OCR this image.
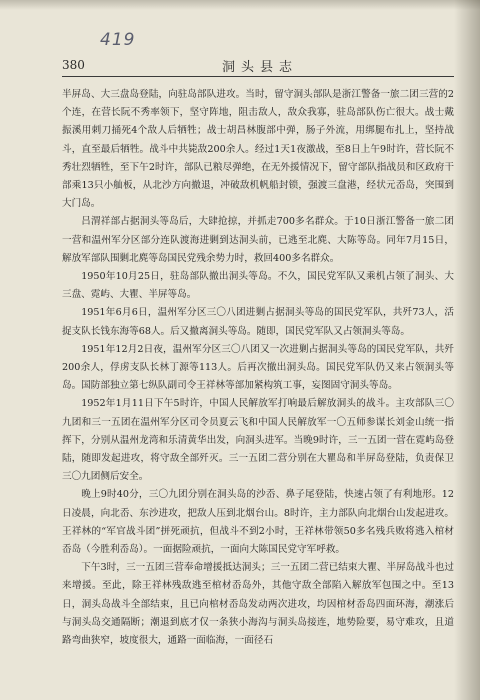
419
380	洞头县志

半屏岛、大三盘岛登陆，向驻岛部队进攻。当时，留守洞头部队是浙江警备一旅二团三营的2个连，在营长阮不秀率领下，坚守阵地，阻击敌人，敌众我寡，驻岛部队伤亡很大。战士戴振溪用刺刀捅死4个敌人后牺牲；战士胡昌林腹部中弹，肠子外流，用绑腿布扎上，坚持战斗，直至最后牺牲。战斗中共毙敌200余人。经过1天1夜激战，至8日上午9时许，营长阮不秀壮烈牺牲，至下午2时许，部队已粮尽弹绝，在无外援情况下，留守部队指战员和区政府干部乘13只小舢板，从北沙方向撤退，冲破敌机帆船封锁，强渡三盘港，经状元岙岛，突围到大门岛。

吕渭祥部占据洞头等岛后，大肆抢掠，并抓走700多名群众。于10日浙江警备一旅二团一营和温州军分区部分连队渡海进剿到达洞头前，已逃至北麂、大陈等岛。同年7月15日，解放军部队围剿北麂等岛国民党残余势力时，救回400多名群众。

1950年10月25日，驻岛部队撤出洞头等岛。不久，国民党军队又乘机占领了洞头、大三盘、霓屿、大瞿、半屏等岛。

1951年6月6日，温州军分区三〇八团进剿占据洞头等岛的国民党军队，共歼73人，活捉支队长钱东海等68人。后又撤离洞头等岛。随即，国民党军队又占领洞头等岛。

1951年12月2日夜，温州军分区三〇八团又一次进剿占据洞头等岛的国民党军队，共歼200余人，俘虏支队长林丁源等113人。后再次撤出洞头岛。国民党军队仍又来占领洞头等岛。国防部独立第七纵队副司令王祥林等部加紧构筑工事，妄图固守洞头等岛。

1952年1月11日下午5时许，中国人民解放军打响最后解放洞头的战斗。主攻部队三〇九团和三一五团在温州军分区司令员夏云飞和中国人民解放军一〇五师参谋长刘金山统一指挥下，分别从温州龙湾和乐清黄华出发，向洞头进军。当晚9时许，三一五团一营在霓屿岛登陆，随即发起进攻，将守敌全部歼灭。三一五团二营分别在大瞿岛和半屏岛登陆，负责保卫三〇九团侧后安全。

晚上9时40分，三〇九团分别在洞头岛的沙岙、鼻子尾登陆，快速占领了有利地形。12日凌晨，向北岙、东沙进攻，把敌人压到北烟台山。8时许，主力部队向北烟台山发起进攻。王祥林的“军官战斗团”拼死顽抗，但战斗不到2小时，王祥林带领50多名残兵败将逃入棺材岙岛（今胜利岙岛）。一面据险顽抗，一面向大陈国民党守军呼救。

下午3时，三一五团三营奉命增援抵达洞头；三一五团二营已结束大瞿、半屏岛战斗也过来增援。至此，除王祥林残敌逃至棺材岙岛外，其他守敌全部陷入解放军包围之中。至13日，洞头岛战斗全部结束，且已向棺材岙岛发动两次进攻，均因棺材岙岛四面环海，潮涨后与洞头岛交通隔断；潮退到底才仅一条狭小海沟与洞头岛接连，地势险要，易守难攻，且道路弯曲狭窄，坡度很大，通路一面临海，一面径石
